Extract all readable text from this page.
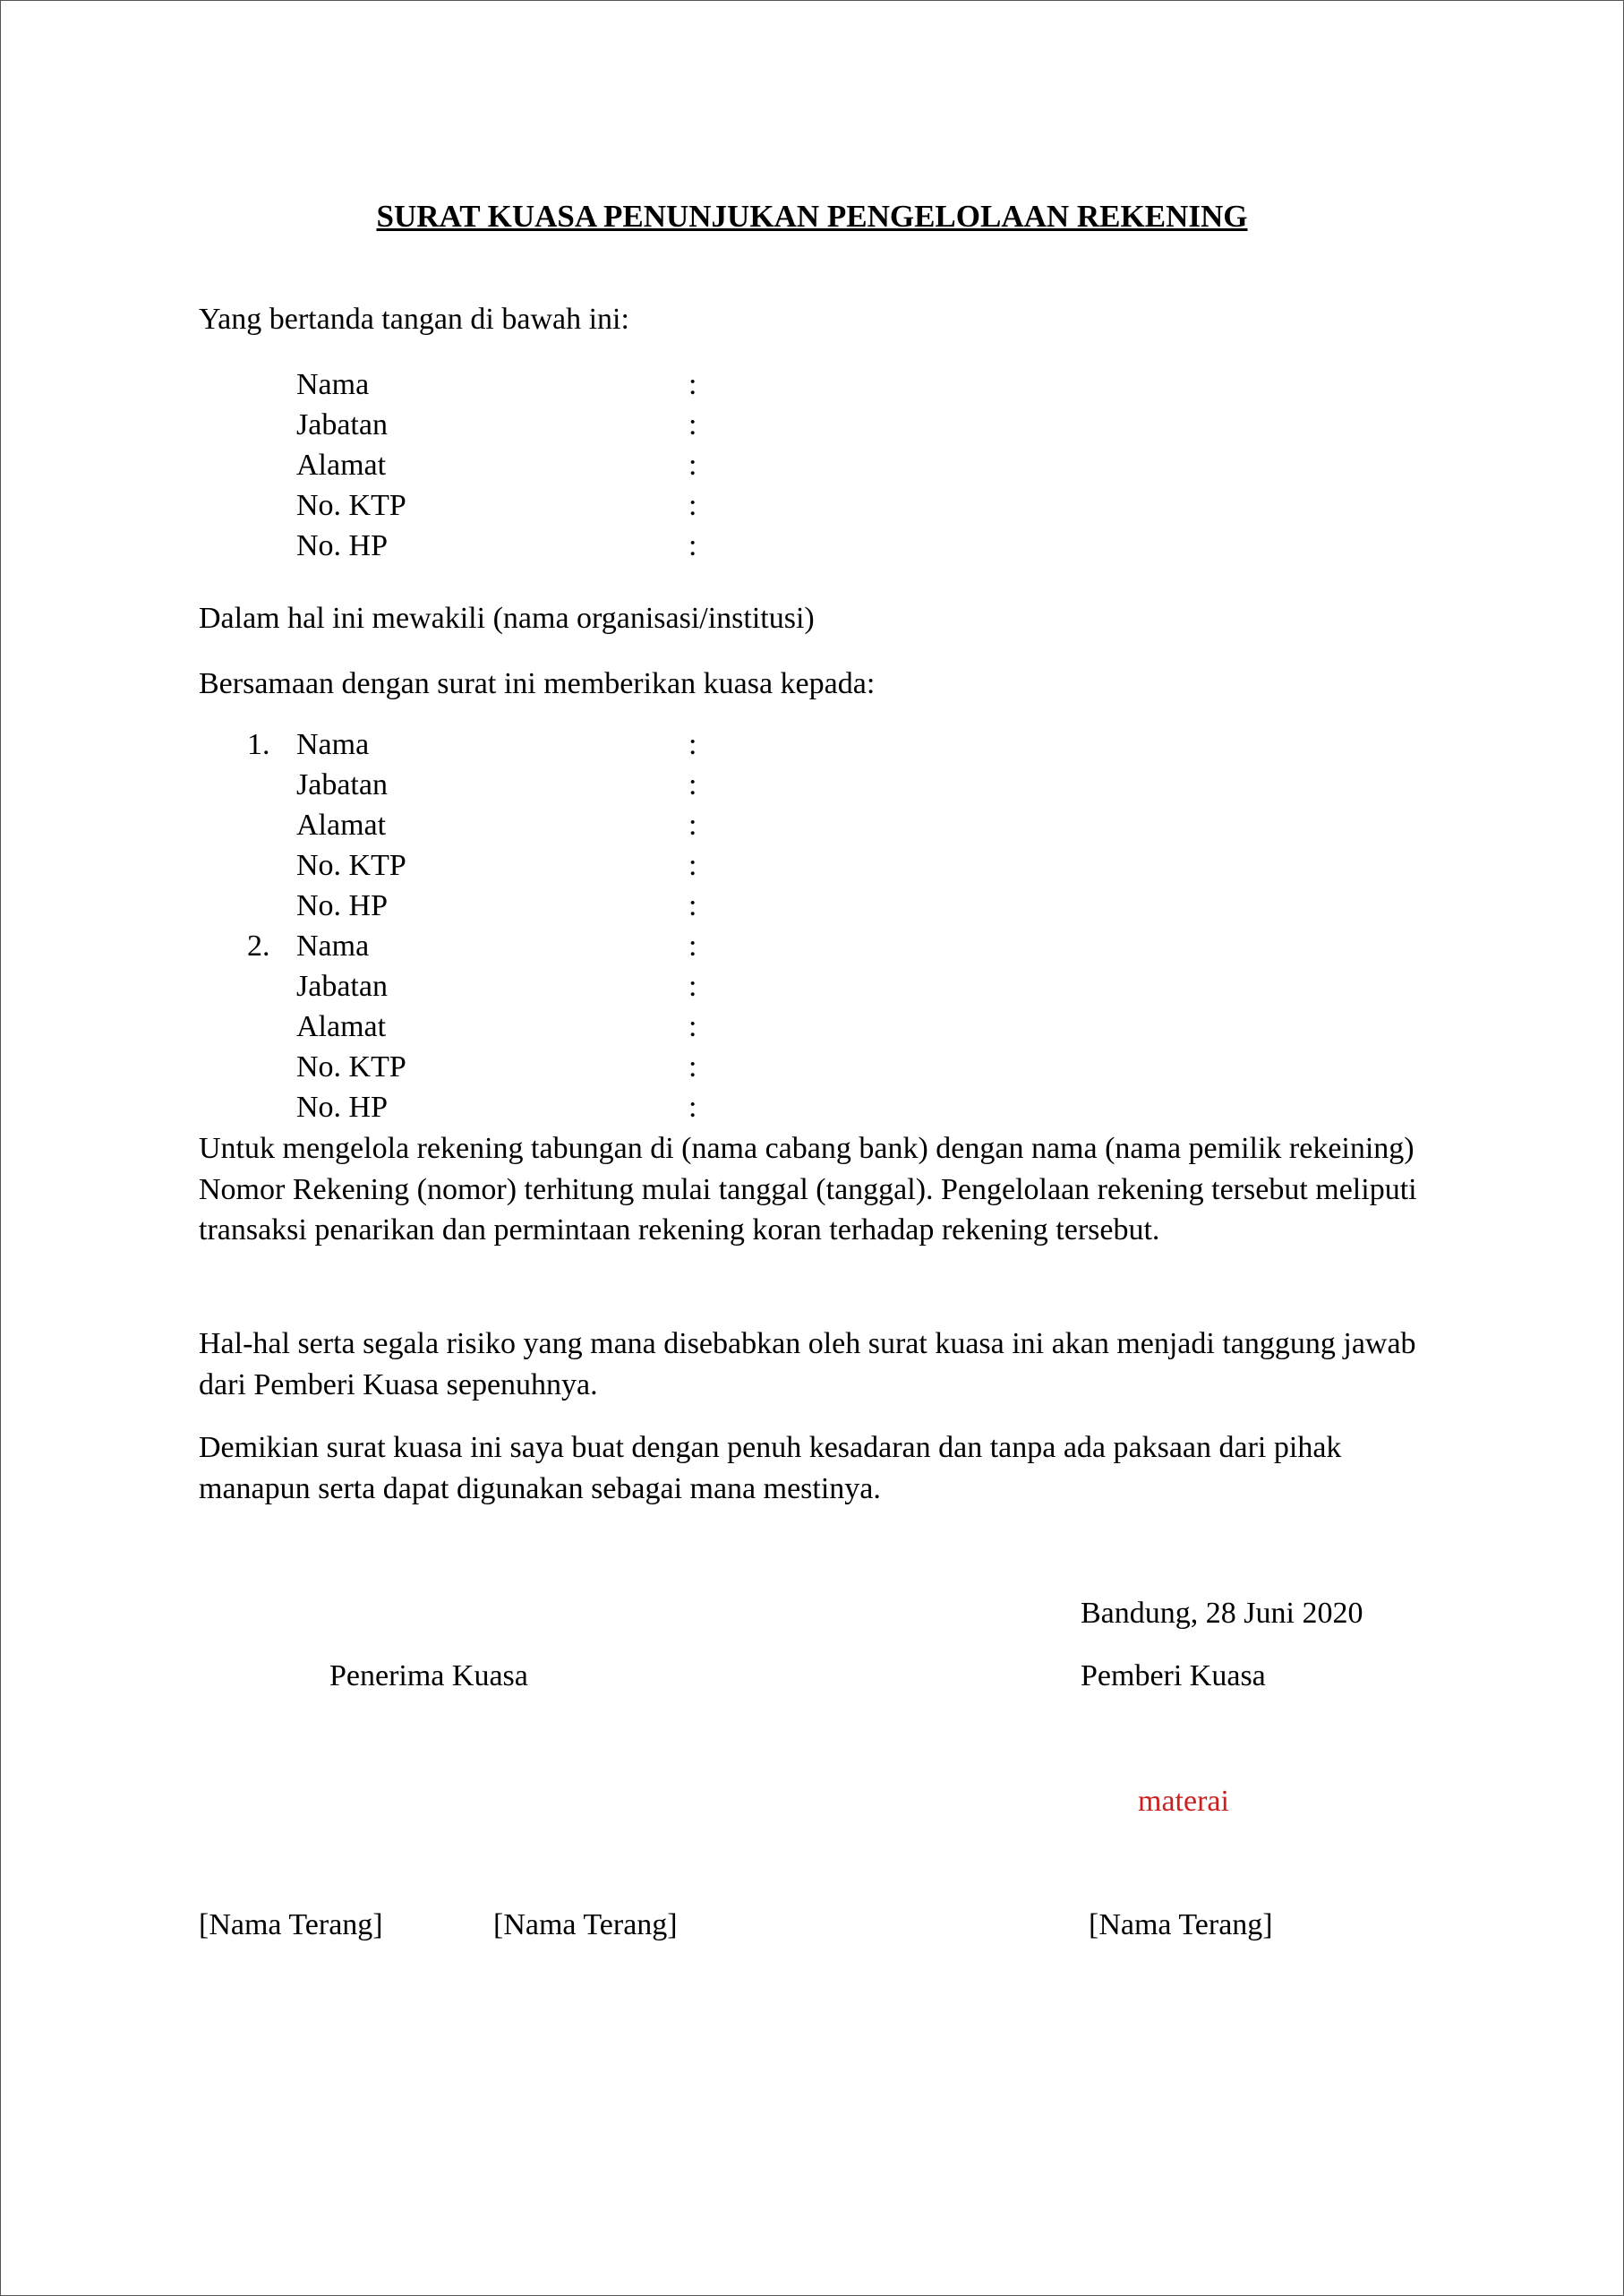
SURAT KUASA PENUNJUKAN PENGELOLAAN REKENING
Yang bertanda tangan di bawah ini:
Nama	:
Jabatan	:
Alamat	:
No. KTP	:
No. HP	:
Dalam hal ini mewakili (nama organisasi/institusi)
Bersamaan dengan surat ini memberikan kuasa kepada:
1. Nama	:
Jabatan	:
Alamat	:
No. KTP	:
No. HP	:
2. Nama	:
Jabatan	:
Alamat	:
No. KTP	:
No. HP	:
Untuk mengelola rekening tabungan di (nama cabang bank) dengan nama (nama pemilik rekeining) Nomor Rekening (nomor) terhitung mulai tanggal (tanggal). Pengelolaan rekening tersebut meliputi transaksi penarikan dan permintaan rekening koran terhadap rekening tersebut.
Hal-hal serta segala risiko yang mana disebabkan oleh surat kuasa ini akan menjadi tanggung jawab dari Pemberi Kuasa sepenuhnya.
Demikian surat kuasa ini saya buat dengan penuh kesadaran dan tanpa ada paksaan dari pihak manapun serta dapat digunakan sebagai mana mestinya.
Bandung, 28 Juni 2020
Penerima Kuasa	Pemberi Kuasa
materai
[Nama Terang]	[Nama Terang]	[Nama Terang]
